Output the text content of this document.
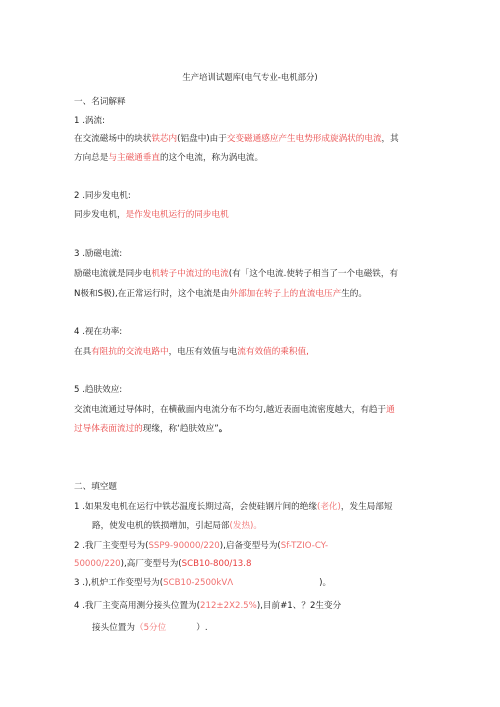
生产培训试题库(电气专业-电机部分)
一、名词解释
1 .涡流:
在交流磁场中的块状铁芯内(铝盘中)由于交变磁通感应产生电势形成旋涡状的电流，其
方向总是与主磁通垂直的这个电流，称为涡电流。
2 .同步发电机:
同步发电机，是作发电机运行的同步电机
3 .励磁电流:
励磁电流就是同步电机转子中流过的电流(有「这个电流.使转子相当了一个电磁铁，有
N极和S极),在正常运行时，这个电流是由外部加在转子上的直流电压产生的。
4 .视在功率:
在具有阻抗的交流电路中，电压有效值与电流有效值的乘积值,
5 .趋肤效应:
交流电流通过导体时，在横截面内电流分布不均匀,越近表面电流密度越大，有趋于通
过导体表面流过的现缘，称‘趋肤效应”。
二、填空题
1 .如果发电机在运行中铁芯温度长期过高，会使硅钢片间的绝缘(老化)，发生局部短
路，使发电机的铁损增加，引起局部(发热)。
2 .我厂主变型号为(SSP9-90000/220),启备变型号为(Sf-TZIO-CY-
50000/220),高厂变型号为(SCB10-800/13.8
3 .),机炉工作变型号为(SCB10-2500kVΛ	)。
4 .我厂主变高用测分接头位置为(212±2X2.5%),目前#1、？2生变分
接头位置为（5分位	）.
